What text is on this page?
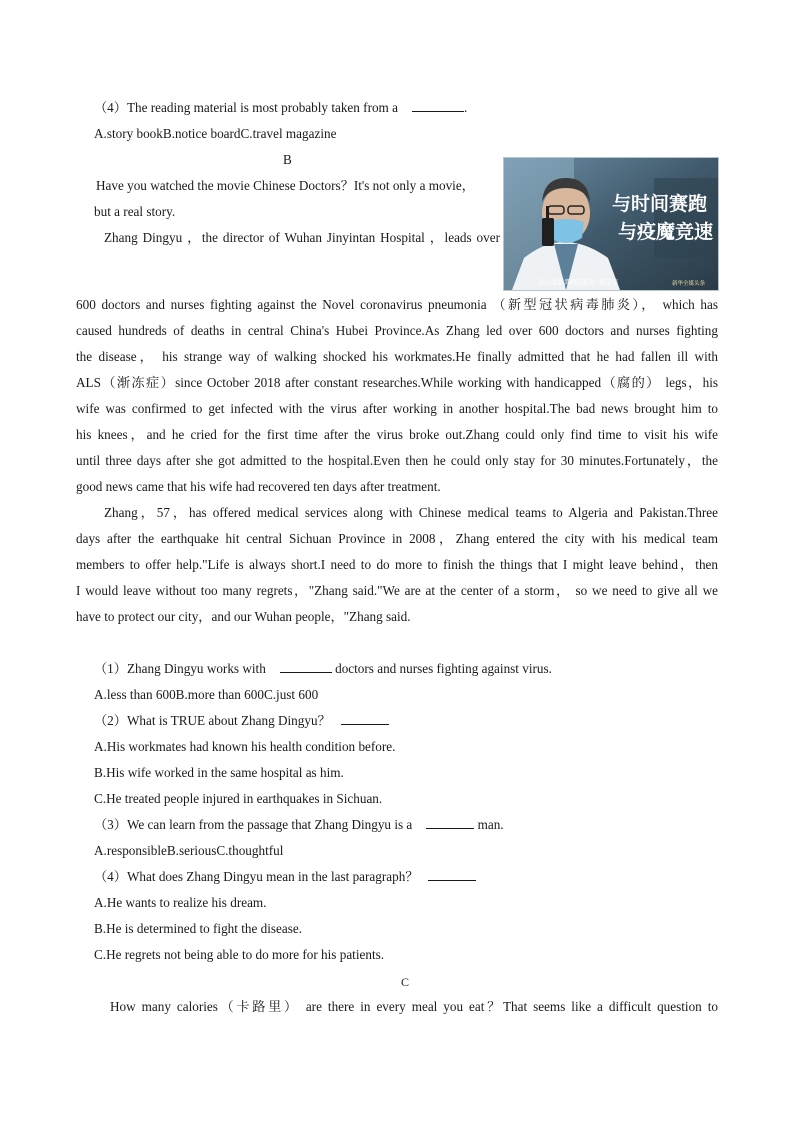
（4）The reading material is most probably taken from a	.
A.story bookB.notice boardC.travel magazine
B
Have you watched the movie Chinese Doctors？It's not only a movie，
but a real story.
Zhang Dingyu ，the director of Wuhan Jinyintan Hospital ，leads over
与时间赛跑
与疫魔竞速
武汉金银潭医院院长 张定宇	新华全媒头条
600 doctors and nurses fighting against the Novel coronavirus pneumonia （新型冠状病毒肺炎）， which has
caused hundreds of deaths in central China's Hubei Province.As Zhang led over 600 doctors and nurses fighting
the disease， his strange way of walking shocked his workmates.He finally admitted that he had fallen ill with
ALS（渐冻症）since October 2018 after constant researches.While working with handicapped（腐的） legs，his
wife was confirmed to get infected with the virus after working in another hospital.The bad news brought him to
his knees，and he cried for the first time after the virus broke out.Zhang could only find time to visit his wife
until three days after she got admitted to the hospital.Even then he could only stay for 30 minutes.Fortunately，the
good news came that his wife had recovered ten days after treatment.
Zhang，57，has offered medical services along with Chinese medical teams to Algeria and Pakistan.Three
days after the earthquake hit central Sichuan Province in 2008，Zhang entered the city with his medical team
members to offer help."Life is always short.I need to do more to finish the things that I might leave behind，then
I would leave without too many regrets，"Zhang said."We are at the center of a storm， so we need to give all we
have to protect our city，and our Wuhan people，"Zhang said.
（1）Zhang Dingyu works with	doctors and nurses fighting against virus.
A.less than 600B.more than 600C.just 600
（2）What is TRUE about Zhang Dingyu？
A.His workmates had known his health condition before.
B.His wife worked in the same hospital as him.
C.He treated people injured in earthquakes in Sichuan.
（3）We can learn from the passage that Zhang Dingyu is a	man.
A.responsibleB.seriousC.thoughtful
（4）What does Zhang Dingyu mean in the last paragraph？
A.He wants to realize his dream.
B.He is determined to fight the disease.
C.He regrets not being able to do more for his patients.
C
How many calories（卡路里） are there in every meal you eat？That seems like a difficult question to
